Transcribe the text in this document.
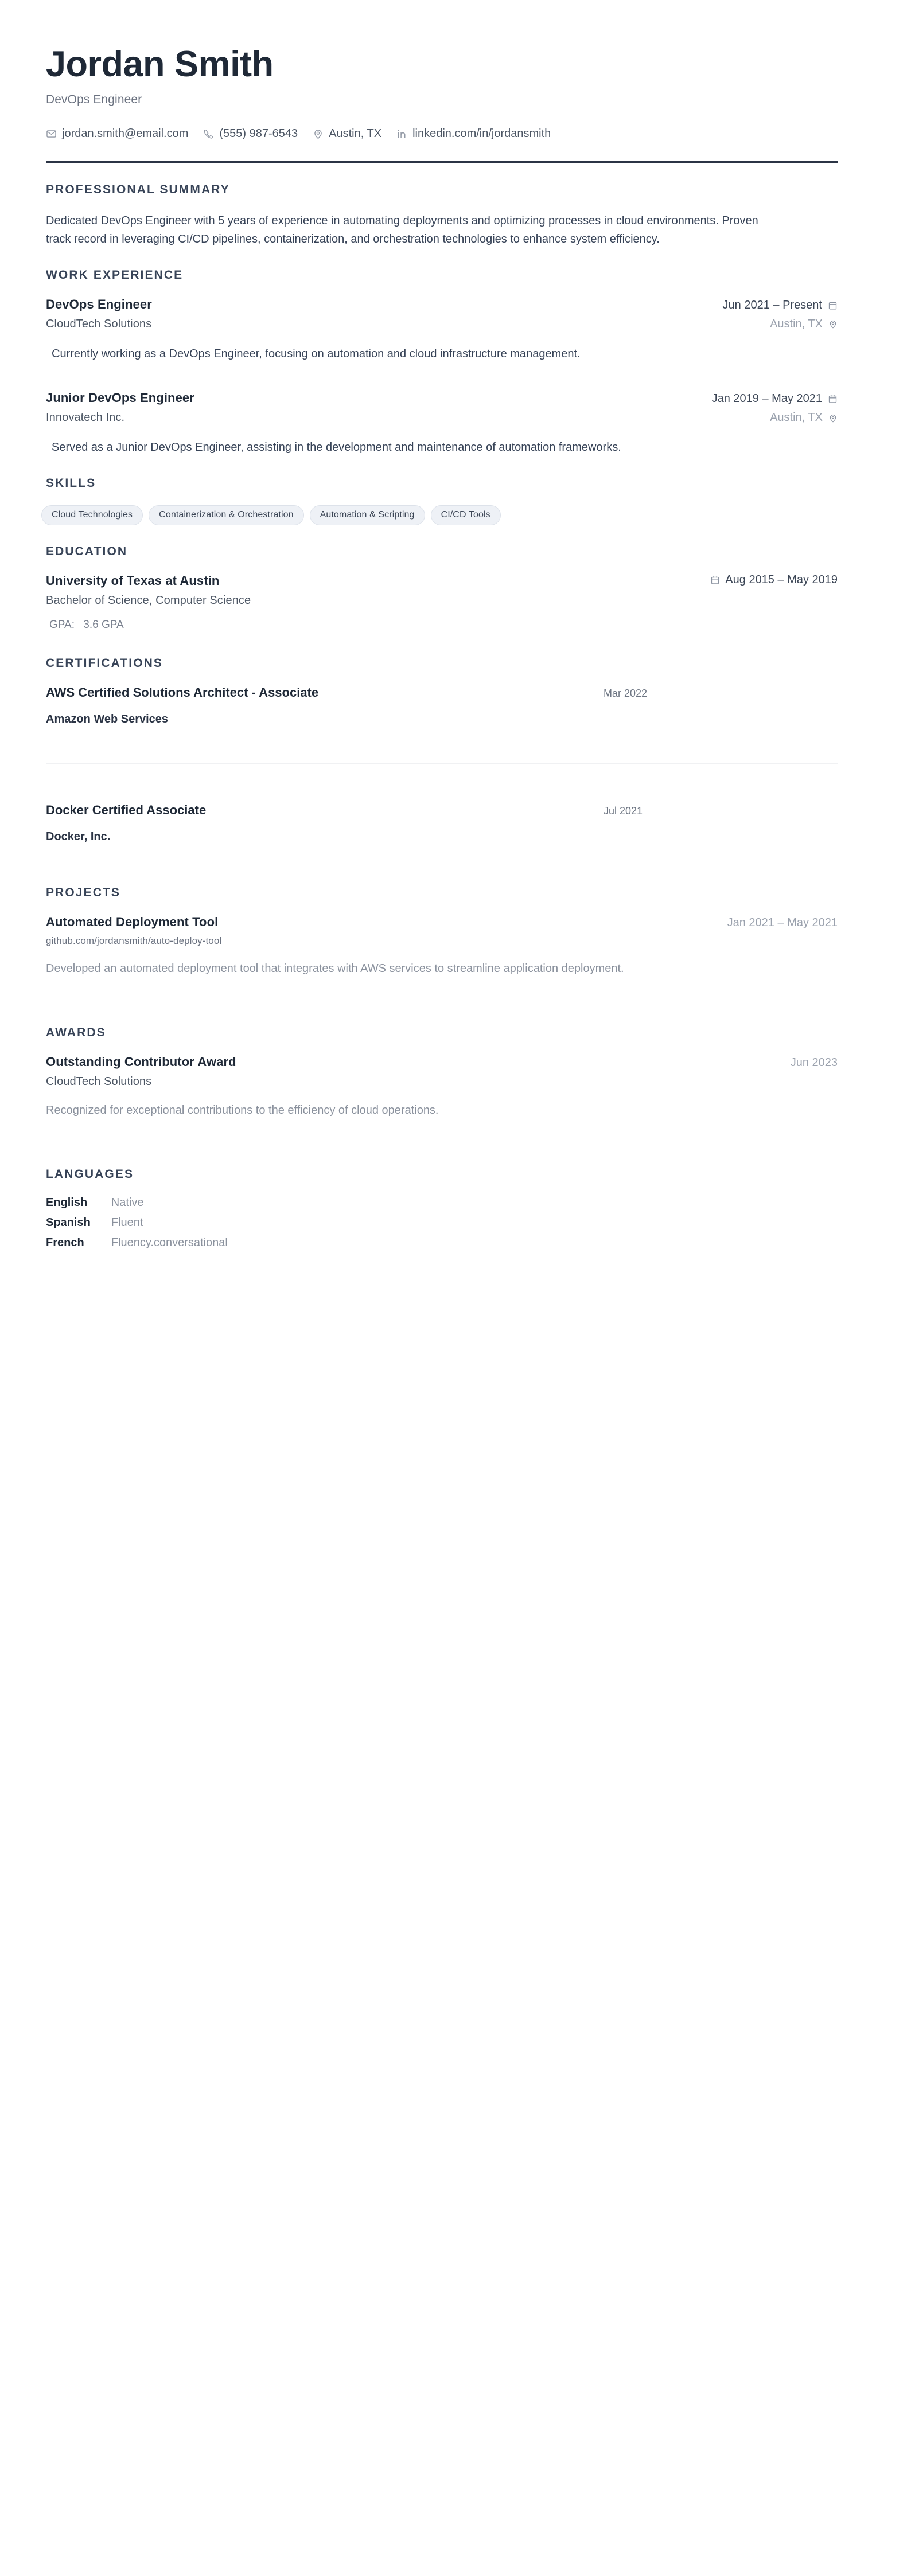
Jordan Smith
DevOps Engineer
jordan.smith@email.com	(555) 987-6543	Austin, TX	linkedin.com/in/jordansmith
PROFESSIONAL SUMMARY
Dedicated DevOps Engineer with 5 years of experience in automating deployments and optimizing processes in cloud environments. Proven track record in leveraging CI/CD pipelines, containerization, and orchestration technologies to enhance system efficiency.
WORK EXPERIENCE
DevOps Engineer	Jun 2021 – Present
CloudTech Solutions	Austin, TX
Currently working as a DevOps Engineer, focusing on automation and cloud infrastructure management.
Junior DevOps Engineer	Jan 2019 – May 2021
Innovatech Inc.	Austin, TX
Served as a Junior DevOps Engineer, assisting in the development and maintenance of automation frameworks.
SKILLS
Cloud Technologies	Containerization & Orchestration	Automation & Scripting	CI/CD Tools
EDUCATION
University of Texas at Austin	Aug 2015 – May 2019
Bachelor of Science, Computer Science
GPA: 3.6 GPA
CERTIFICATIONS
AWS Certified Solutions Architect - Associate
Amazon Web Services
Mar 2022
Docker Certified Associate
Docker, Inc.
Jul 2021
PROJECTS
Automated Deployment Tool	Jan 2021 – May 2021
github.com/jordansmith/auto-deploy-tool
Developed an automated deployment tool that integrates with AWS services to streamline application deployment.
AWARDS
Outstanding Contributor Award	Jun 2023
CloudTech Solutions
Recognized for exceptional contributions to the efficiency of cloud operations.
LANGUAGES
English	Native
Spanish	Fluent
French	Fluency.conversational
